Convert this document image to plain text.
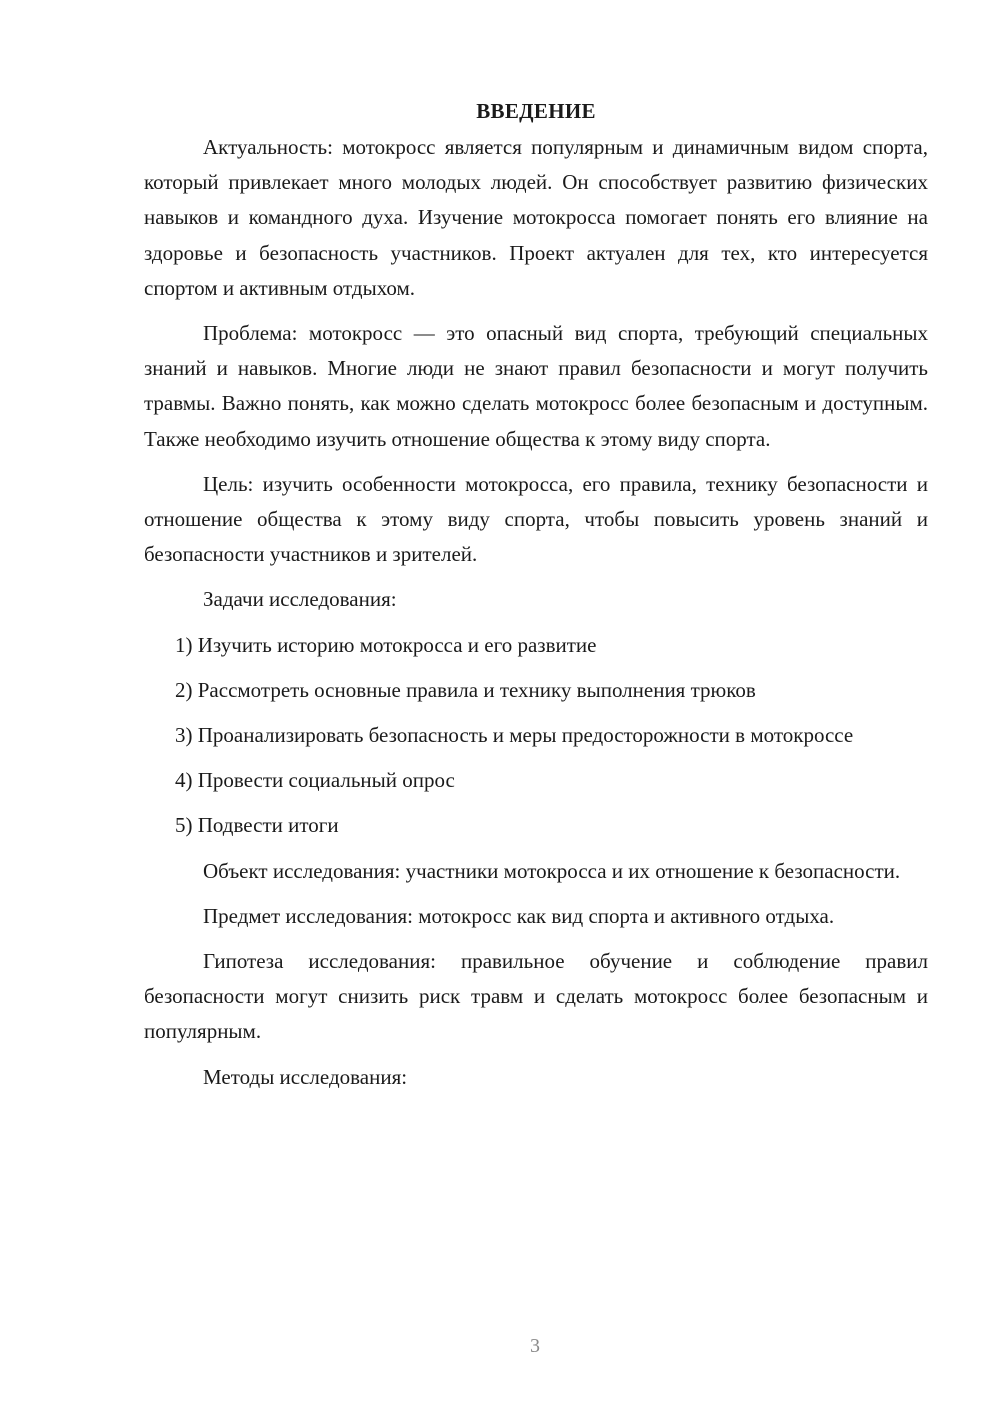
ВВЕДЕНИЕ

Актуальность: мотокросс является популярным и динамичным видом спорта, который привлекает много молодых людей. Он способствует развитию физических навыков и командного духа. Изучение мотокросса помогает понять его влияние на здоровье и безопасность участников. Проект актуален для тех, кто интересуется спортом и активным отдыхом.

Проблема: мотокросс — это опасный вид спорта, требующий специальных знаний и навыков. Многие люди не знают правил безопасности и могут получить травмы. Важно понять, как можно сделать мотокросс более безопасным и доступным. Также необходимо изучить отношение общества к этому виду спорта.

Цель: изучить особенности мотокросса, его правила, технику безопасности и отношение общества к этому виду спорта, чтобы повысить уровень знаний и безопасности участников и зрителей.

Задачи исследования:

1) Изучить историю мотокросса и его развитие

2) Рассмотреть основные правила и технику выполнения трюков

3) Проанализировать безопасность и меры предосторожности в мотокроссе

4) Провести социальный опрос

5) Подвести итоги

Объект исследования: участники мотокросса и их отношение к безопасности.

Предмет исследования: мотокросс как вид спорта и активного отдыха.

Гипотеза исследования: правильное обучение и соблюдение правил безопасности могут снизить риск травм и сделать мотокросс более безопасным и популярным.

Методы исследования:

3
